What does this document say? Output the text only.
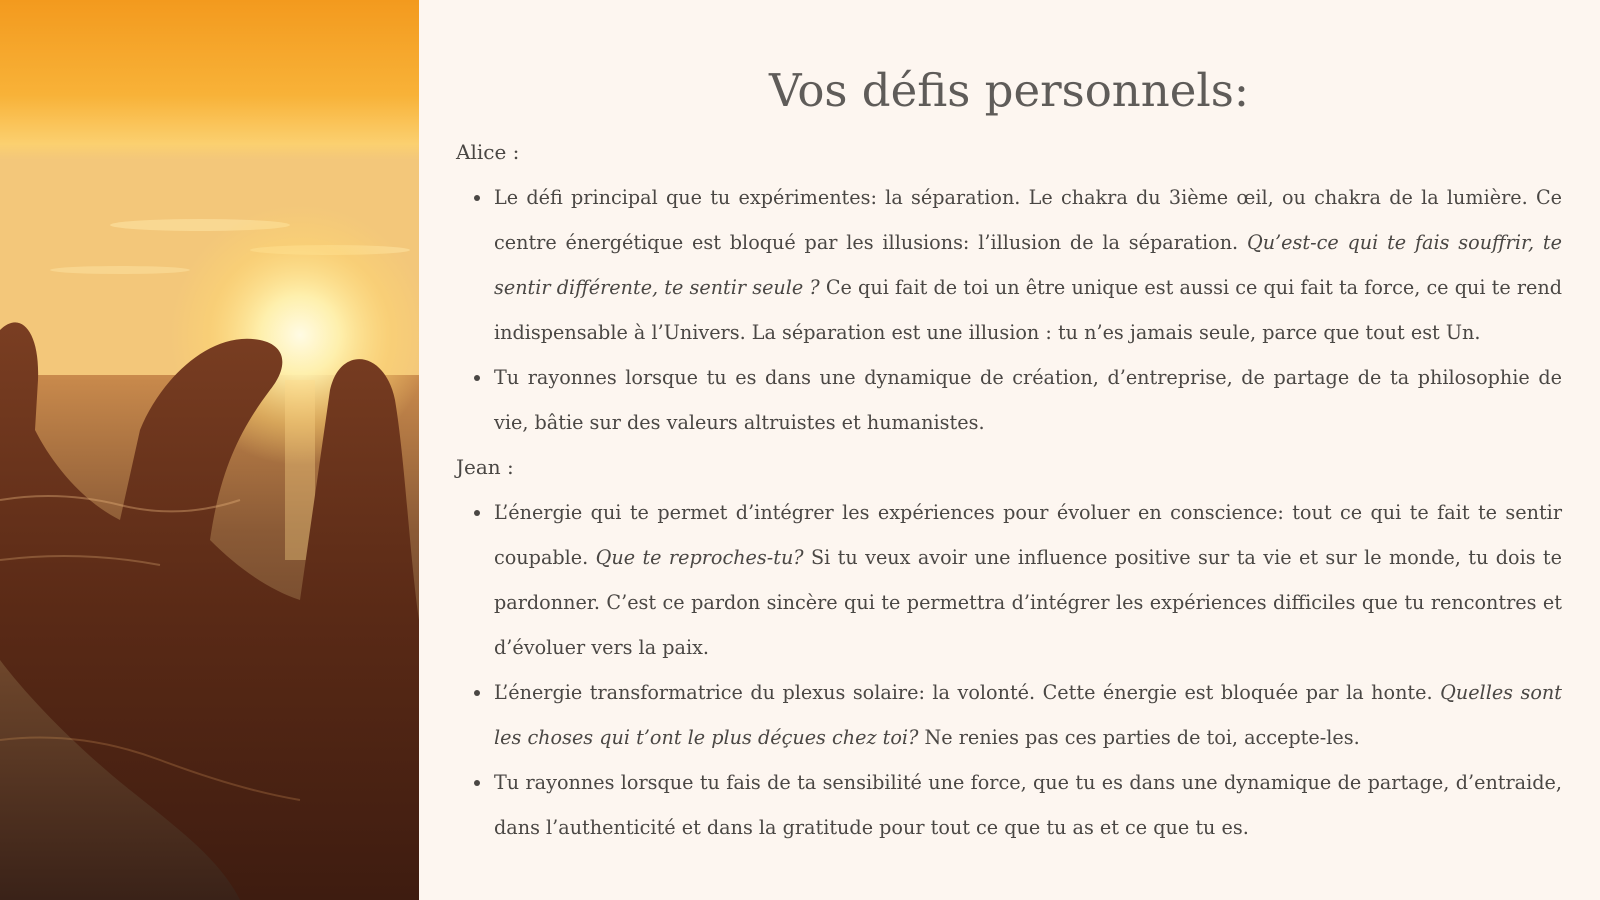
Vos défis personnels:

Alice :

Le défi principal que tu expérimentes: la séparation. Le chakra du 3ième œil, ou chakra de la lumière. Ce centre énergétique est bloqué par les illusions: l’illusion de la séparation. Qu’est-ce qui te fais souffrir, te sentir différente, te sentir seule ? Ce qui fait de toi un être unique est aussi ce qui fait ta force, ce qui te rend indispensable à l’Univers. La séparation est une illusion : tu n’es jamais seule, parce que tout est Un.
Tu rayonnes lorsque tu es dans une dynamique de création, d’entreprise, de partage de ta philosophie de vie, bâtie sur des valeurs altruistes et humanistes.

Jean :

L’énergie qui te permet d’intégrer les expériences pour évoluer en conscience: tout ce qui te fait te sentir coupable. Que te reproches-tu? Si tu veux avoir une influence positive sur ta vie et sur le monde, tu dois te pardonner. C’est ce pardon sincère qui te permettra d’intégrer les expériences difficiles que tu rencontres et d’évoluer vers la paix.
L’énergie transformatrice du plexus solaire: la volonté. Cette énergie est bloquée par la honte. Quelles sont les choses qui t’ont le plus déçues chez toi? Ne renies pas ces parties de toi, accepte-les.
Tu rayonnes lorsque tu fais de ta sensibilité une force, que tu es dans une dynamique de partage, d’entraide, dans l’authenticité et dans la gratitude pour tout ce que tu as et ce que tu es.
